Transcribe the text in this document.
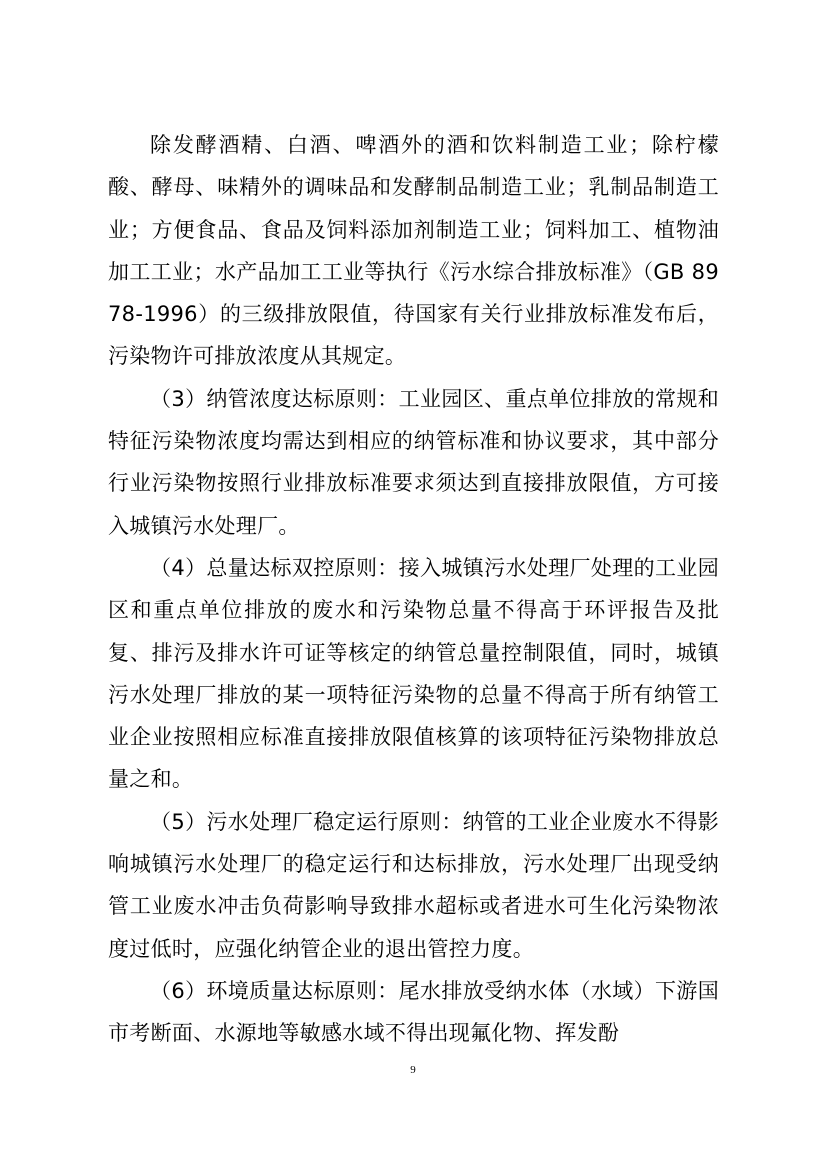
除发酵酒精、白酒、啤酒外的酒和饮料制造工业；除柠檬酸、酵母、味精外的调味品和发酵制品制造工业；乳制品制造工业；方便食品、食品及饲料添加剂制造工业；饲料加工、植物油加工工业；水产品加工工业等执行《污水综合排放标准》（GB 8978-1996）的三级排放限值，待国家有关行业排放标准发布后，污染物许可排放浓度从其规定。

（3）纳管浓度达标原则：工业园区、重点单位排放的常规和特征污染物浓度均需达到相应的纳管标准和协议要求，其中部分行业污染物按照行业排放标准要求须达到直接排放限值，方可接入城镇污水处理厂。

（4）总量达标双控原则：接入城镇污水处理厂处理的工业园区和重点单位排放的废水和污染物总量不得高于环评报告及批复、排污及排水许可证等核定的纳管总量控制限值，同时，城镇污水处理厂排放的某一项特征污染物的总量不得高于所有纳管工业企业按照相应标准直接排放限值核算的该项特征污染物排放总量之和。

（5）污水处理厂稳定运行原则：纳管的工业企业废水不得影响城镇污水处理厂的稳定运行和达标排放，污水处理厂出现受纳管工业废水冲击负荷影响导致排水超标或者进水可生化污染物浓度过低时，应强化纳管企业的退出管控力度。

（6）环境质量达标原则：尾水排放受纳水体（水域）下游国市考断面、水源地等敏感水域不得出现氟化物、挥发酚

9
